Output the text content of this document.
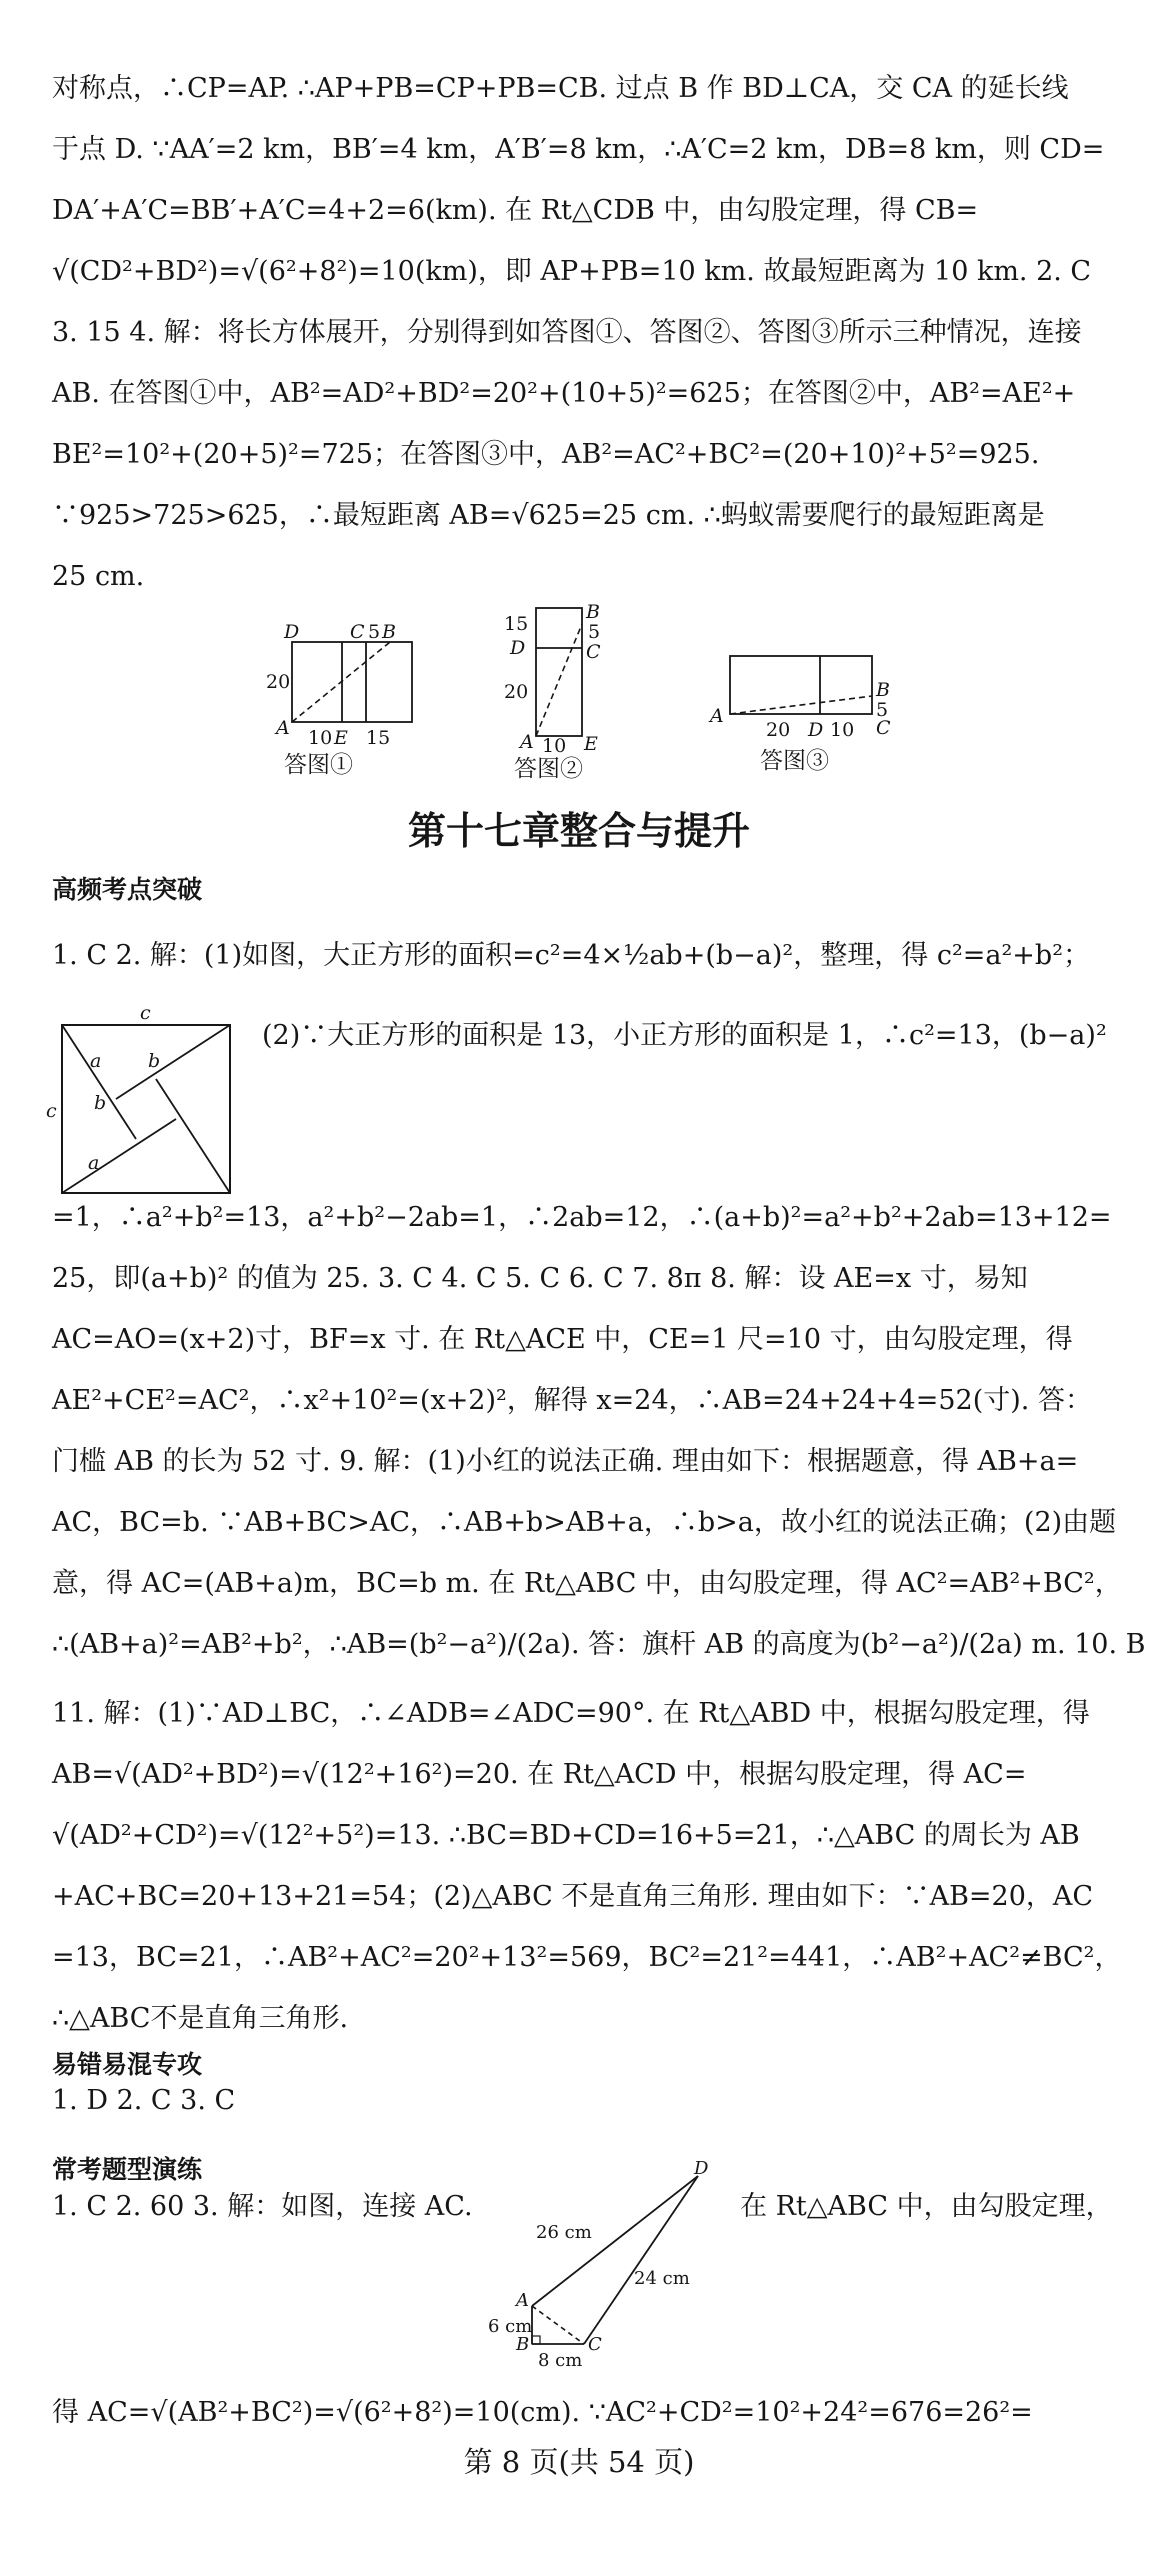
对称点，∴CP=AP. ∴AP+PB=CP+PB=CB. 过点 B 作 BD⊥CA，交 CA 的延长线
于点 D. ∵AA′=2 km，BB′=4 km，A′B′=8 km，∴A′C=2 km，DB=8 km，则 CD=
DA′+A′C=BB′+A′C=4+2=6(km). 在 Rt△CDB 中，由勾股定理，得 CB=
√(CD²+BD²)=√(6²+8²)=10(km)，即 AP+PB=10 km. 故最短距离为 10 km. 2. C
3. 15 4. 解：将长方体展开，分别得到如答图①、答图②、答图③所示三种情况，连接
AB. 在答图①中，AB²=AD²+BD²=20²+(10+5)²=625；在答图②中，AB²=AE²+
BE²=10²+(20+5)²=725；在答图③中，AB²=AC²+BC²=(20+10)²+5²=925.
∵925>725>625，∴最短距离 AB=√625=25 cm. ∴蚂蚁需要爬行的最短距离是
25 cm.
D	C 5 B
20
A 10 E 15
答图①
15
D
20
A 10 E
B
5
C
答图②
A
20 D 10
B
5
C
答图③
第十七章整合与提升
高频考点突破
1. C 2. 解：(1)如图，大正方形的面积=c²=4×½ab+(b−a)²，整理，得 c²=a²+b²；
c
a b
b
c
a
(2)∵大正方形的面积是 13，小正方形的面积是 1，∴c²=13，(b−a)²
=1，∴a²+b²=13，a²+b²−2ab=1，∴2ab=12，∴(a+b)²=a²+b²+2ab=13+12=
25，即(a+b)² 的值为 25. 3. C 4. C 5. C 6. C 7. 8π 8. 解：设 AE=x 寸，易知
AC=AO=(x+2)寸，BF=x 寸. 在 Rt△ACE 中，CE=1 尺=10 寸，由勾股定理，得
AE²+CE²=AC²，∴x²+10²=(x+2)²，解得 x=24，∴AB=24+24+4=52(寸). 答：
门槛 AB 的长为 52 寸. 9. 解：(1)小红的说法正确. 理由如下：根据题意，得 AB+a=
AC，BC=b. ∵AB+BC>AC，∴AB+b>AB+a，∴b>a，故小红的说法正确；(2)由题
意，得 AC=(AB+a)m，BC=b m. 在 Rt△ABC 中，由勾股定理，得 AC²=AB²+BC²，
∴(AB+a)²=AB²+b²，∴AB=(b²−a²)/(2a). 答：旗杆 AB 的高度为(b²−a²)/(2a) m. 10. B
11. 解：(1)∵AD⊥BC，∴∠ADB=∠ADC=90°. 在 Rt△ABD 中，根据勾股定理，得
AB=√(AD²+BD²)=√(12²+16²)=20. 在 Rt△ACD 中，根据勾股定理，得 AC=
√(AD²+CD²)=√(12²+5²)=13. ∴BC=BD+CD=16+5=21，∴△ABC 的周长为 AB
+AC+BC=20+13+21=54；(2)△ABC 不是直角三角形. 理由如下：∵AB=20，AC
=13，BC=21，∴AB²+AC²=20²+13²=569，BC²=21²=441，∴AB²+AC²≠BC²，
∴△ABC不是直角三角形.
易错易混专攻
1. D 2. C 3. C
常考题型演练
1. C 2. 60 3. 解：如图，连接 AC.	在 Rt△ABC 中，由勾股定理，
D
26 cm
A
24 cm
6 cm
B	C
8 cm
得 AC=√(AB²+BC²)=√(6²+8²)=10(cm). ∵AC²+CD²=10²+24²=676=26²=
第 8 页(共 54 页)
